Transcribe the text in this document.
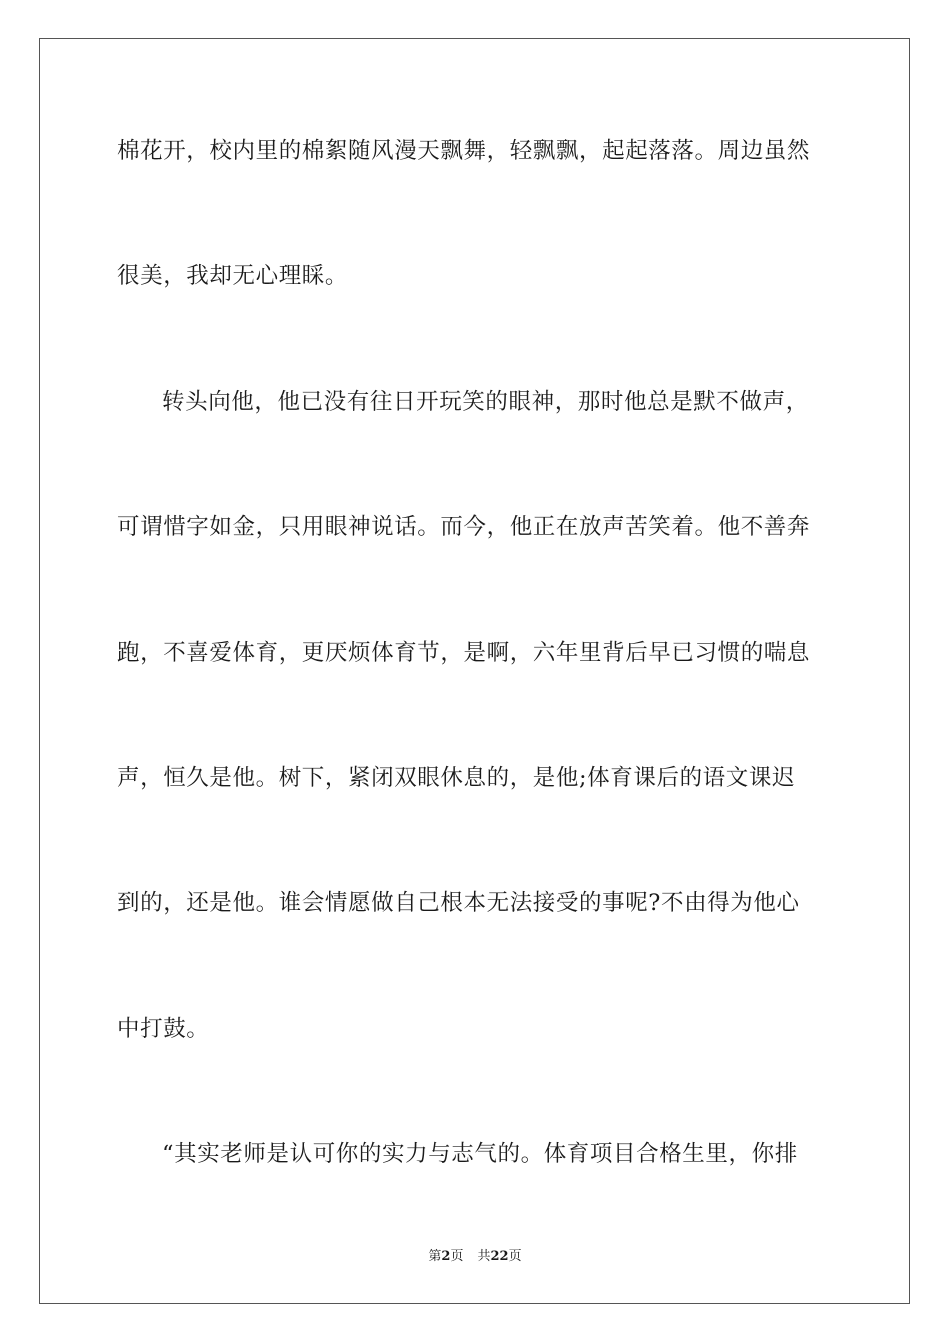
棉花开，校内里的棉絮随风漫天飘舞，轻飘飘，起起落落。周边虽然
很美，我却无心理睬。
转头向他，他已没有往日开玩笑的眼神，那时他总是默不做声，
可谓惜字如金，只用眼神说话。而今，他正在放声苦笑着。他不善奔
跑，不喜爱体育，更厌烦体育节，是啊，六年里背后早已习惯的喘息
声，恒久是他。树下，紧闭双眼休息的，是他;体育课后的语文课迟
到的，还是他。谁会情愿做自己根本无法接受的事呢?不由得为他心
中打鼓。
“其实老师是认可你的实力与志气的。体育项目合格生里，你排
第2页 共22页
